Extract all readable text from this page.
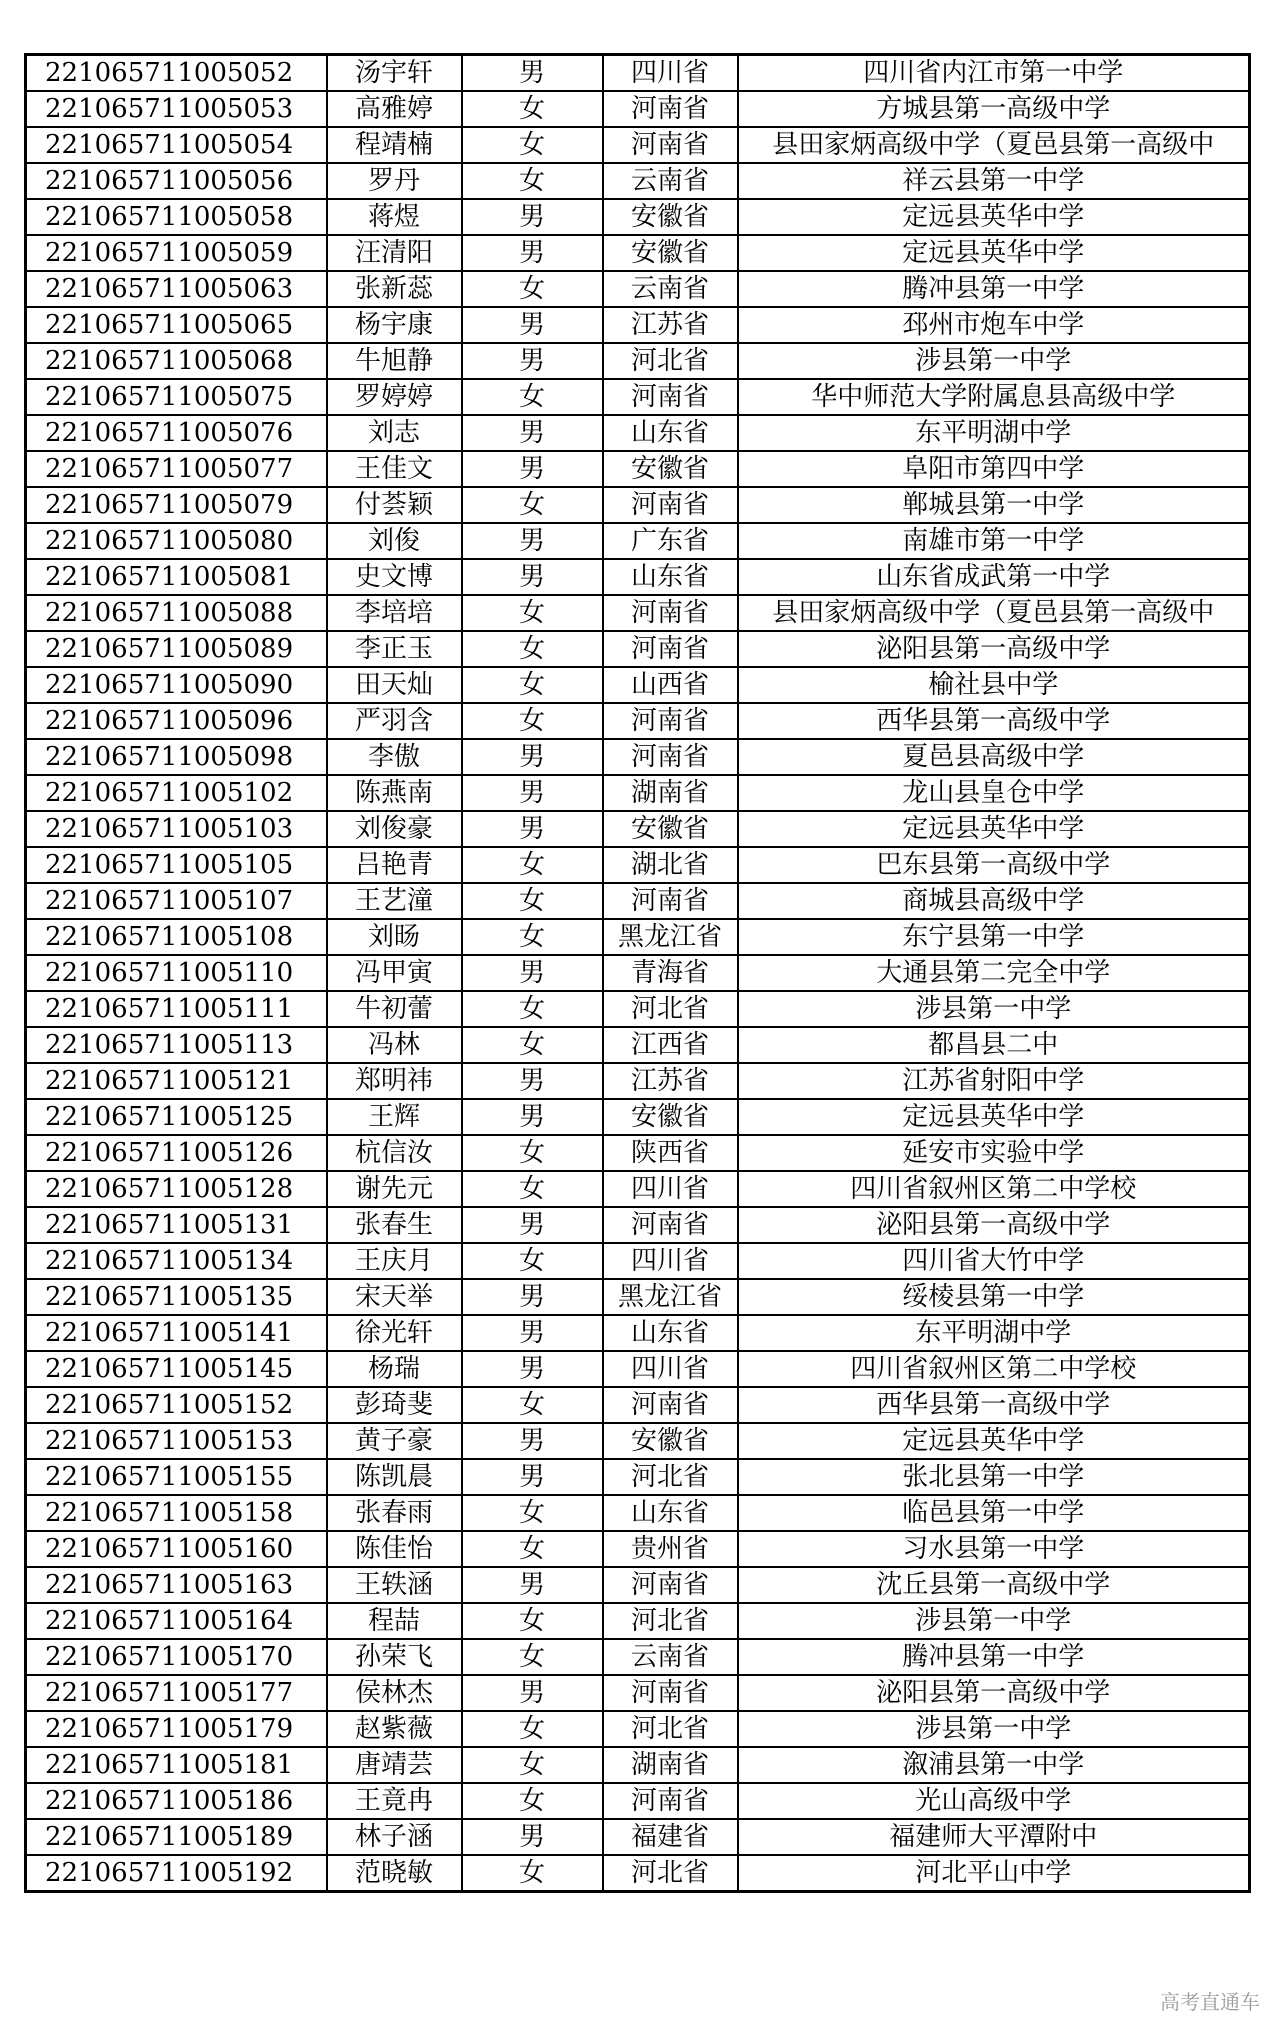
221065711005052	汤宇轩	男	四川省	四川省内江市第一中学
221065711005053	高雅婷	女	河南省	方城县第一高级中学
221065711005054	程靖楠	女	河南省	县田家炳高级中学（夏邑县第一高级中
221065711005056	罗丹	女	云南省	祥云县第一中学
221065711005058	蒋煜	男	安徽省	定远县英华中学
221065711005059	汪清阳	男	安徽省	定远县英华中学
221065711005063	张新蕊	女	云南省	腾冲县第一中学
221065711005065	杨宇康	男	江苏省	邳州市炮车中学
221065711005068	牛旭静	男	河北省	涉县第一中学
221065711005075	罗婷婷	女	河南省	华中师范大学附属息县高级中学
221065711005076	刘志	男	山东省	东平明湖中学
221065711005077	王佳文	男	安徽省	阜阳市第四中学
221065711005079	付荟颖	女	河南省	郸城县第一中学
221065711005080	刘俊	男	广东省	南雄市第一中学
221065711005081	史文博	男	山东省	山东省成武第一中学
221065711005088	李培培	女	河南省	县田家炳高级中学（夏邑县第一高级中
221065711005089	李正玉	女	河南省	泌阳县第一高级中学
221065711005090	田天灿	女	山西省	榆社县中学
221065711005096	严羽含	女	河南省	西华县第一高级中学
221065711005098	李傲	男	河南省	夏邑县高级中学
221065711005102	陈燕南	男	湖南省	龙山县皇仓中学
221065711005103	刘俊豪	男	安徽省	定远县英华中学
221065711005105	吕艳青	女	湖北省	巴东县第一高级中学
221065711005107	王艺潼	女	河南省	商城县高级中学
221065711005108	刘旸	女	黑龙江省	东宁县第一中学
221065711005110	冯甲寅	男	青海省	大通县第二完全中学
221065711005111	牛初蕾	女	河北省	涉县第一中学
221065711005113	冯林	女	江西省	都昌县二中
221065711005121	郑明祎	男	江苏省	江苏省射阳中学
221065711005125	王辉	男	安徽省	定远县英华中学
221065711005126	杭信汝	女	陕西省	延安市实验中学
221065711005128	谢先元	女	四川省	四川省叙州区第二中学校
221065711005131	张春生	男	河南省	泌阳县第一高级中学
221065711005134	王庆月	女	四川省	四川省大竹中学
221065711005135	宋天举	男	黑龙江省	绥棱县第一中学
221065711005141	徐光轩	男	山东省	东平明湖中学
221065711005145	杨瑞	男	四川省	四川省叙州区第二中学校
221065711005152	彭琦斐	女	河南省	西华县第一高级中学
221065711005153	黄子豪	男	安徽省	定远县英华中学
221065711005155	陈凯晨	男	河北省	张北县第一中学
221065711005158	张春雨	女	山东省	临邑县第一中学
221065711005160	陈佳怡	女	贵州省	习水县第一中学
221065711005163	王轶涵	男	河南省	沈丘县第一高级中学
221065711005164	程喆	女	河北省	涉县第一中学
221065711005170	孙荣飞	女	云南省	腾冲县第一中学
221065711005177	侯林杰	男	河南省	泌阳县第一高级中学
221065711005179	赵紫薇	女	河北省	涉县第一中学
221065711005181	唐靖芸	女	湖南省	溆浦县第一中学
221065711005186	王竟冉	女	河南省	光山高级中学
221065711005189	林子涵	男	福建省	福建师大平潭附中
221065711005192	范晓敏	女	河北省	河北平山中学
高考直通车
